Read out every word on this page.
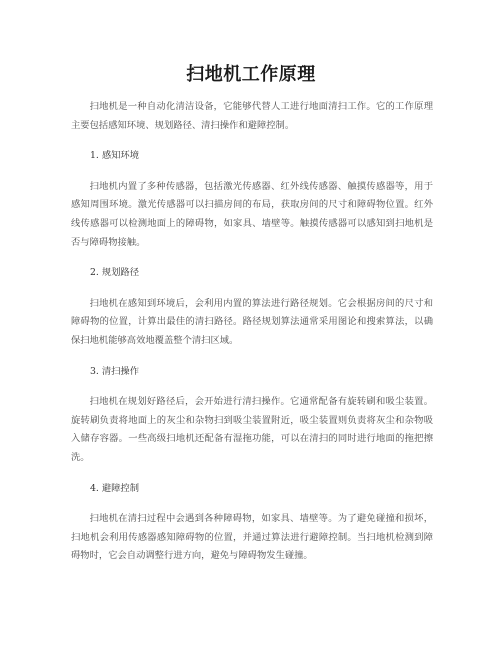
扫地机工作原理

扫地机是一种自动化清洁设备，它能够代替人工进行地面清扫工作。它的工作原理主要包括感知环境、规划路径、清扫操作和避障控制。

1. 感知环境

扫地机内置了多种传感器，包括激光传感器、红外线传感器、触摸传感器等，用于感知周围环境。激光传感器可以扫描房间的布局，获取房间的尺寸和障碍物位置。红外线传感器可以检测地面上的障碍物，如家具、墙壁等。触摸传感器可以感知到扫地机是否与障碍物接触。

2. 规划路径

扫地机在感知到环境后，会利用内置的算法进行路径规划。它会根据房间的尺寸和障碍物的位置，计算出最佳的清扫路径。路径规划算法通常采用图论和搜索算法，以确保扫地机能够高效地覆盖整个清扫区域。

3. 清扫操作

扫地机在规划好路径后，会开始进行清扫操作。它通常配备有旋转刷和吸尘装置。旋转刷负责将地面上的灰尘和杂物扫到吸尘装置附近，吸尘装置则负责将灰尘和杂物吸入储存容器。一些高级扫地机还配备有湿拖功能，可以在清扫的同时进行地面的拖把擦洗。

4. 避障控制

扫地机在清扫过程中会遇到各种障碍物，如家具、墙壁等。为了避免碰撞和损坏，扫地机会利用传感器感知障碍物的位置，并通过算法进行避障控制。当扫地机检测到障碍物时，它会自动调整行进方向，避免与障碍物发生碰撞。
